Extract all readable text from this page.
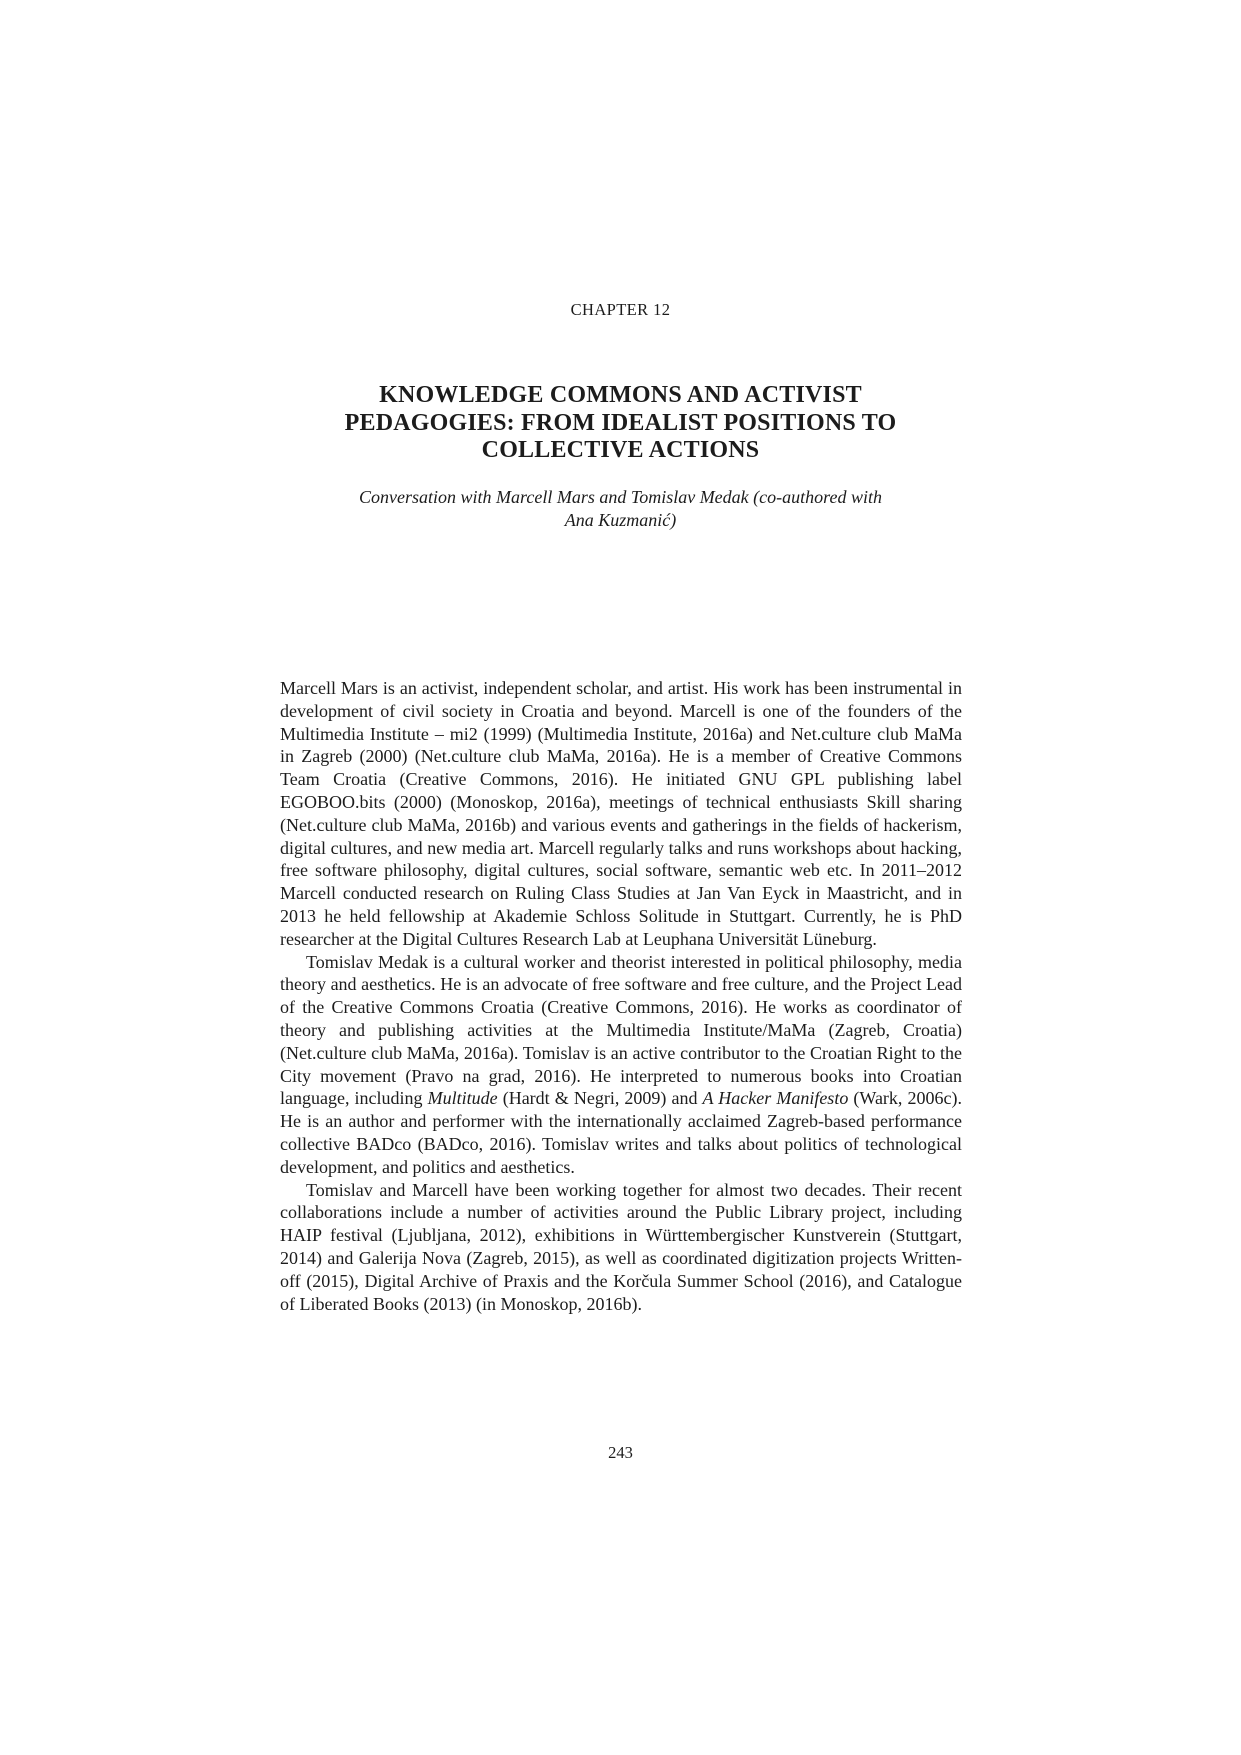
CHAPTER 12
KNOWLEDGE COMMONS AND ACTIVIST
PEDAGOGIES: FROM IDEALIST POSITIONS TO
COLLECTIVE ACTIONS
Conversation with Marcell Mars and Tomislav Medak (co-authored with
Ana Kuzmanić)

Marcell Mars is an activist, independent scholar, and artist. His work has been instrumental in development of civil society in Croatia and beyond. Marcell is one of the founders of the Multimedia Institute – mi2 (1999) (Multimedia Institute, 2016a) and Net.culture club MaMa in Zagreb (2000) (Net.culture club MaMa, 2016a). He is a member of Creative Commons Team Croatia (Creative Commons, 2016). He initiated GNU GPL publishing label EGOBOO.bits (2000) (Monoskop, 2016a), meetings of technical enthusiasts Skill sharing (Net.culture club MaMa, 2016b) and various events and gatherings in the fields of hackerism, digital cultures, and new media art. Marcell regularly talks and runs workshops about hacking, free software philosophy, digital cultures, social software, semantic web etc. In 2011–2012 Marcell conducted research on Ruling Class Studies at Jan Van Eyck in Maastricht, and in 2013 he held fellowship at Akademie Schloss Solitude in Stuttgart. Currently, he is PhD researcher at the Digital Cultures Research Lab at Leuphana Universität Lüneburg.

Tomislav Medak is a cultural worker and theorist interested in political philosophy, media theory and aesthetics. He is an advocate of free software and free culture, and the Project Lead of the Creative Commons Croatia (Creative Commons, 2016). He works as coordinator of theory and publishing activities at the Multimedia Institute/MaMa (Zagreb, Croatia) (Net.culture club MaMa, 2016a). Tomislav is an active contributor to the Croatian Right to the City movement (Pravo na grad, 2016). He interpreted to numerous books into Croatian language, including Multitude (Hardt & Negri, 2009) and A Hacker Manifesto (Wark, 2006c). He is an author and performer with the internationally acclaimed Zagreb-based performance collective BADco (BADco, 2016). Tomislav writes and talks about politics of technological development, and politics and aesthetics.

Tomislav and Marcell have been working together for almost two decades. Their recent collaborations include a number of activities around the Public Library project, including HAIP festival (Ljubljana, 2012), exhibitions in Württembergischer Kunstverein (Stuttgart, 2014) and Galerija Nova (Zagreb, 2015), as well as coordinated digitization projects Written-off (2015), Digital Archive of Praxis and the Korčula Summer School (2016), and Catalogue of Liberated Books (2013) (in Monoskop, 2016b).

243
